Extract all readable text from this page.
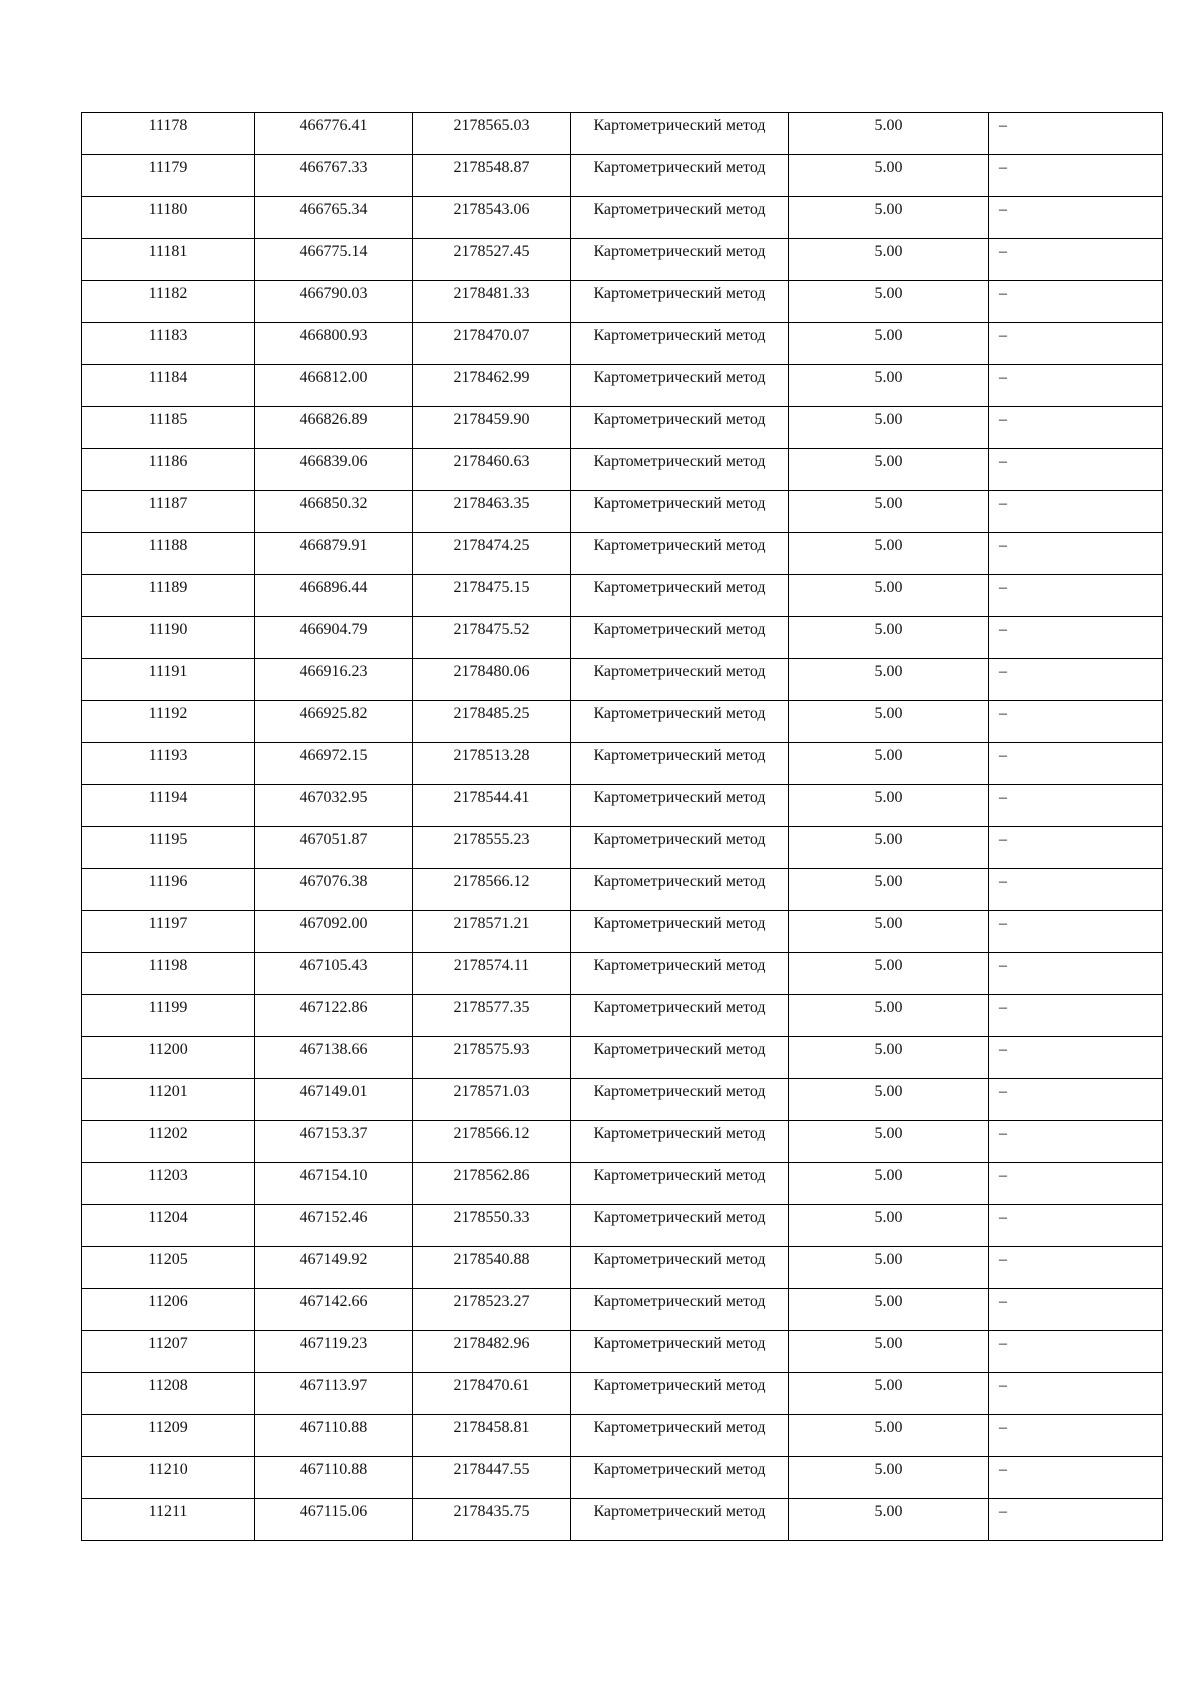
11178	466776.41	2178565.03	Картометрический метод	5.00	–

11179	466767.33	2178548.87	Картометрический метод	5.00	–

11180	466765.34	2178543.06	Картометрический метод	5.00	–

11181	466775.14	2178527.45	Картометрический метод	5.00	–

11182	466790.03	2178481.33	Картометрический метод	5.00	–

11183	466800.93	2178470.07	Картометрический метод	5.00	–

11184	466812.00	2178462.99	Картометрический метод	5.00	–

11185	466826.89	2178459.90	Картометрический метод	5.00	–

11186	466839.06	2178460.63	Картометрический метод	5.00	–

11187	466850.32	2178463.35	Картометрический метод	5.00	–

11188	466879.91	2178474.25	Картометрический метод	5.00	–

11189	466896.44	2178475.15	Картометрический метод	5.00	–

11190	466904.79	2178475.52	Картометрический метод	5.00	–

11191	466916.23	2178480.06	Картометрический метод	5.00	–

11192	466925.82	2178485.25	Картометрический метод	5.00	–

11193	466972.15	2178513.28	Картометрический метод	5.00	–

11194	467032.95	2178544.41	Картометрический метод	5.00	–

11195	467051.87	2178555.23	Картометрический метод	5.00	–

11196	467076.38	2178566.12	Картометрический метод	5.00	–

11197	467092.00	2178571.21	Картометрический метод	5.00	–

11198	467105.43	2178574.11	Картометрический метод	5.00	–

11199	467122.86	2178577.35	Картометрический метод	5.00	–

11200	467138.66	2178575.93	Картометрический метод	5.00	–

11201	467149.01	2178571.03	Картометрический метод	5.00	–

11202	467153.37	2178566.12	Картометрический метод	5.00	–

11203	467154.10	2178562.86	Картометрический метод	5.00	–

11204	467152.46	2178550.33	Картометрический метод	5.00	–

11205	467149.92	2178540.88	Картометрический метод	5.00	–

11206	467142.66	2178523.27	Картометрический метод	5.00	–

11207	467119.23	2178482.96	Картометрический метод	5.00	–

11208	467113.97	2178470.61	Картометрический метод	5.00	–

11209	467110.88	2178458.81	Картометрический метод	5.00	–

11210	467110.88	2178447.55	Картометрический метод	5.00	–

11211	467115.06	2178435.75	Картометрический метод	5.00	–
